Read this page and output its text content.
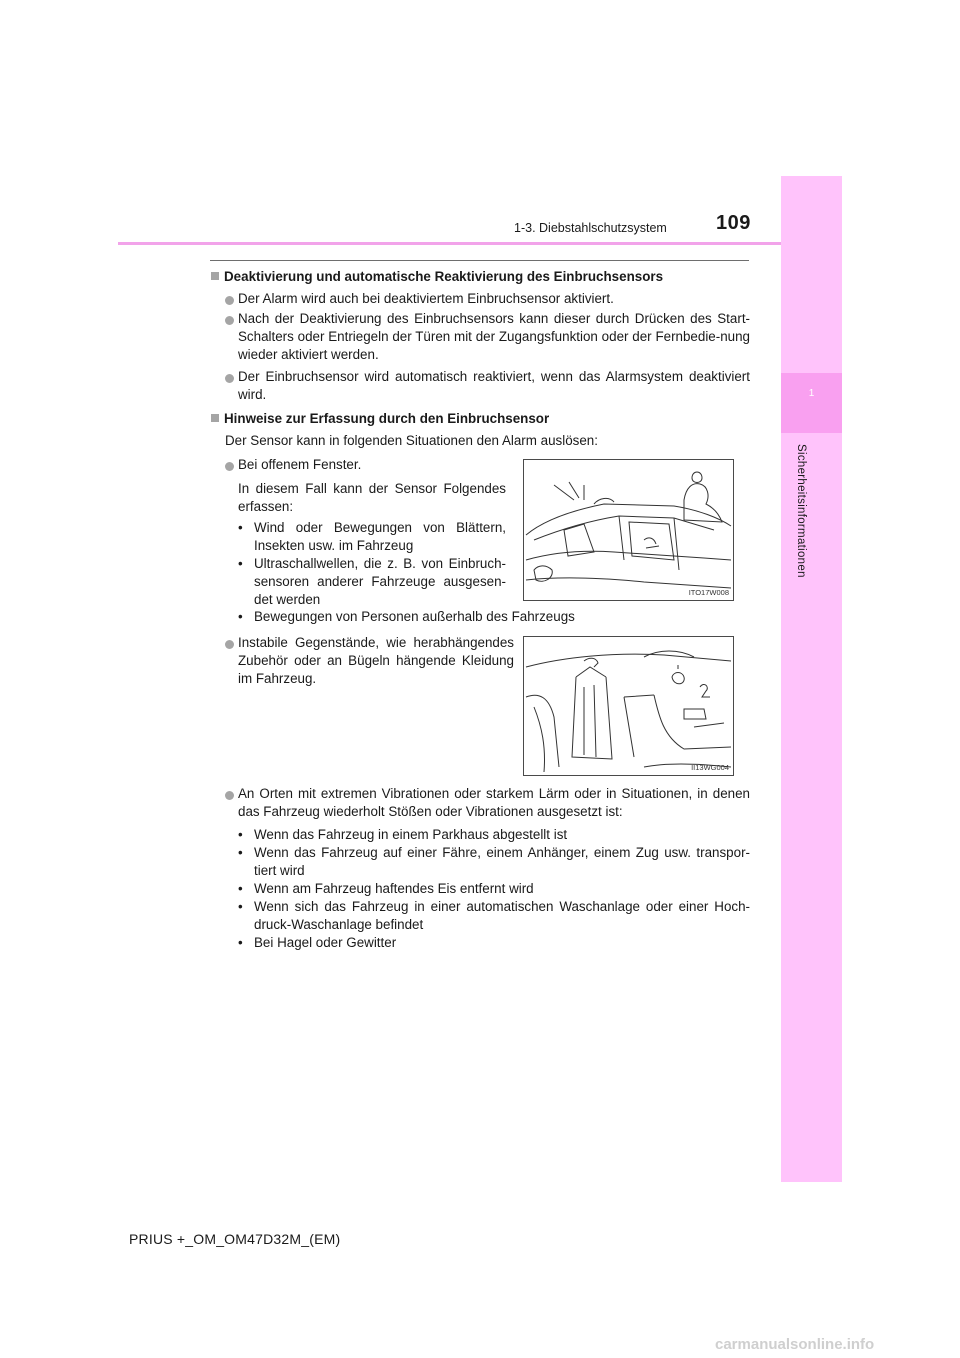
1-3. Diebstahlschutzsystem 109
1
Sicherheitsinformationen
Deaktivierung und automatische Reaktivierung des Einbruchsensors
Der Alarm wird auch bei deaktiviertem Einbruchsensor aktiviert.
Nach der Deaktivierung des Einbruchsensors kann dieser durch Drücken des Start-Schalters oder Entriegeln der Türen mit der Zugangsfunktion oder der Fernbedie-nung wieder aktiviert werden.
Der Einbruchsensor wird automatisch reaktiviert, wenn das Alarmsystem deaktiviert wird.
Hinweise zur Erfassung durch den Einbruchsensor
Der Sensor kann in folgenden Situationen den Alarm auslösen:
Bei offenem Fenster.
In diesem Fall kann der Sensor Folgendes erfassen:
• Wind oder Bewegungen von Blättern, Insekten usw. im Fahrzeug
• Ultraschallwellen, die z. B. von Einbruch-sensoren anderer Fahrzeuge ausgesen-det werden
• Bewegungen von Personen außerhalb des Fahrzeugs
ITO17W008
Instabile Gegenstände, wie herabhängendes Zubehör oder an Bügeln hängende Kleidung im Fahrzeug.
II13WG004
An Orten mit extremen Vibrationen oder starkem Lärm oder in Situationen, in denen das Fahrzeug wiederholt Stößen oder Vibrationen ausgesetzt ist:
• Wenn das Fahrzeug in einem Parkhaus abgestellt ist
• Wenn das Fahrzeug auf einer Fähre, einem Anhänger, einem Zug usw. transpor-tiert wird
• Wenn am Fahrzeug haftendes Eis entfernt wird
• Wenn sich das Fahrzeug in einer automatischen Waschanlage oder einer Hoch-druck-Waschanlage befindet
• Bei Hagel oder Gewitter
PRIUS +_OM_OM47D32M_(EM)
carmanualsonline.info
